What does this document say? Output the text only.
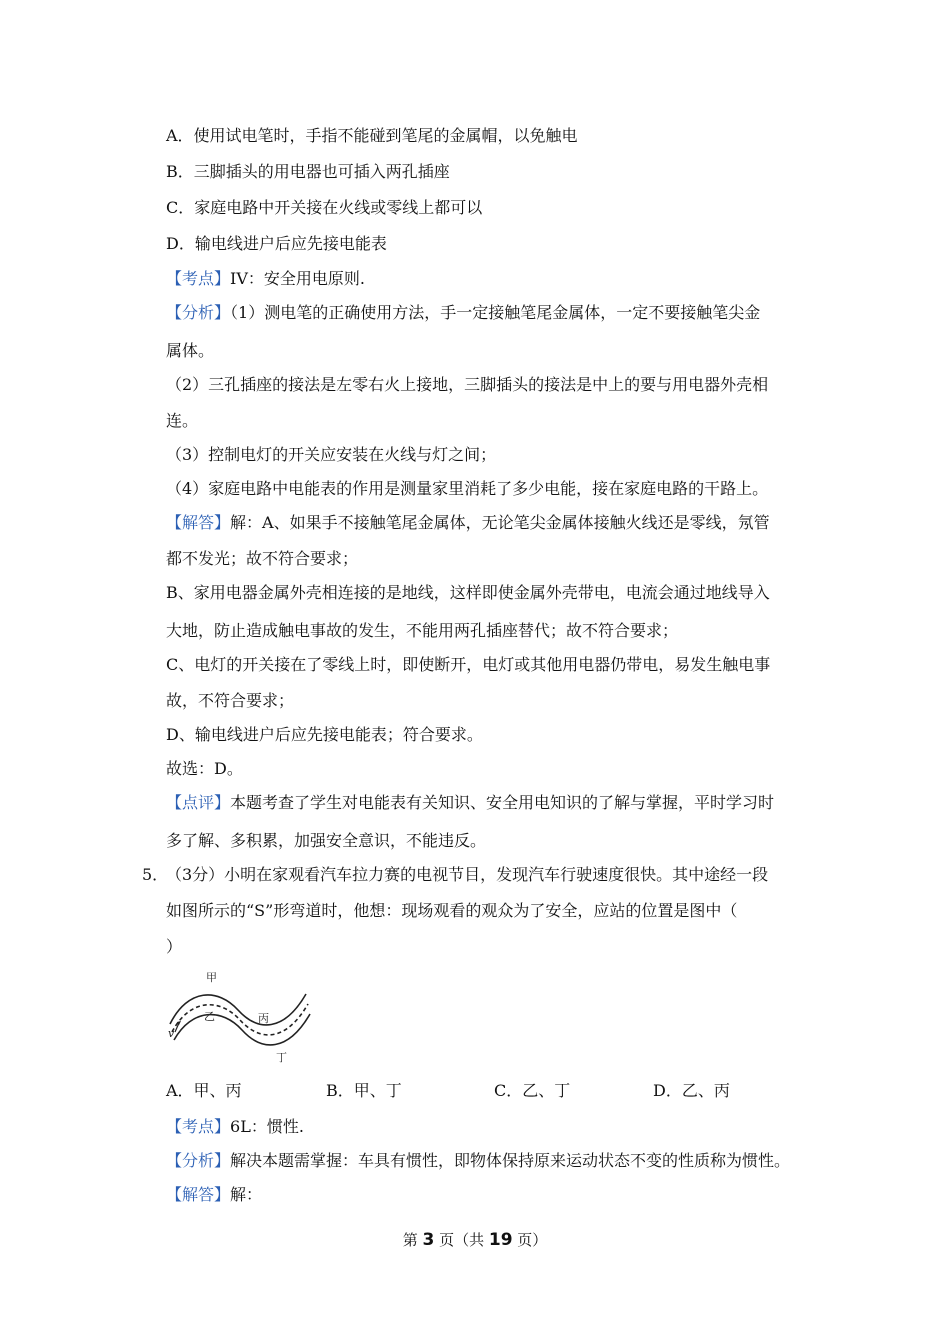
A．使用试电笔时，手指不能碰到笔尾的金属帽，以免触电
B．三脚插头的用电器也可插入两孔插座
C．家庭电路中开关接在火线或零线上都可以
D．输电线进户后应先接电能表
【考点】IV：安全用电原则.
【分析】（1）测电笔的正确使用方法，手一定接触笔尾金属体，一定不要接触笔尖金
属体。
（2）三孔插座的接法是左零右火上接地，三脚插头的接法是中上的要与用电器外壳相
连。
（3）控制电灯的开关应安装在火线与灯之间；
（4）家庭电路中电能表的作用是测量家里消耗了多少电能，接在家庭电路的干路上。
【解答】解：A、如果手不接触笔尾金属体，无论笔尖金属体接触火线还是零线，氖管
都不发光；故不符合要求；
B、家用电器金属外壳相连接的是地线，这样即使金属外壳带电，电流会通过地线导入
大地，防止造成触电事故的发生，不能用两孔插座替代；故不符合要求；
C、电灯的开关接在了零线上时，即使断开，电灯或其他用电器仍带电，易发生触电事
故，不符合要求；
D、输电线进户后应先接电能表；符合要求。
故选：D。
【点评】本题考查了学生对电能表有关知识、安全用电知识的了解与掌握，平时学习时
多了解、多积累，加强安全意识，不能违反。
5．
（3分）小明在家观看汽车拉力赛的电视节目，发现汽车行驶速度很快。其中途经一段
如图所示的“S”形弯道时，他想：现场观看的观众为了安全，应站的位置是图中（
）
甲
乙	丙
丁
v
A．甲、丙	B．甲、丁	C．乙、丁	D．乙、丙
【考点】6L：惯性.
【分析】解决本题需掌握：车具有惯性，即物体保持原来运动状态不变的性质称为惯性。
【解答】解：
第 3 页（共 19 页）
